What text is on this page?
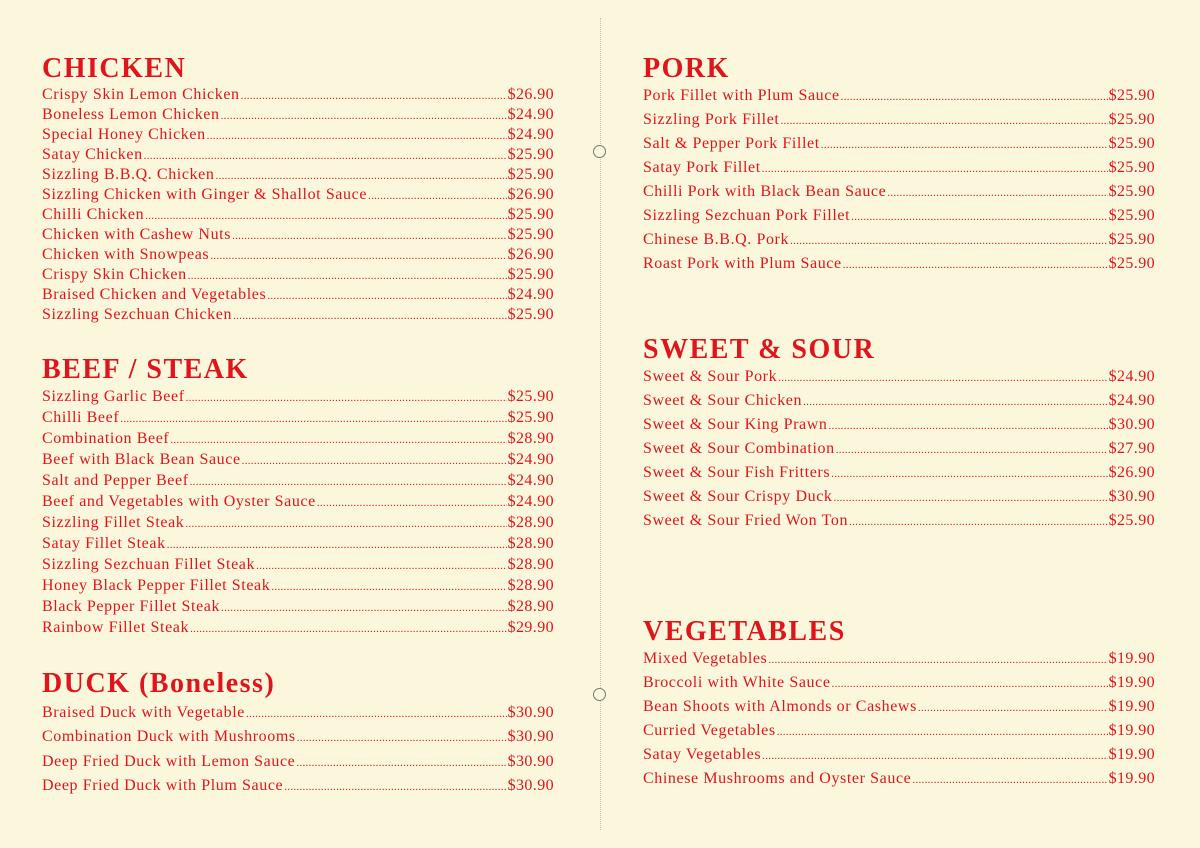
CHICKEN
Crispy Skin Lemon Chicken .....	$26.90
Boneless Lemon Chicken .....	$24.90
Special Honey Chicken .....	$24.90
Satay Chicken .....	$25.90
Sizzling B.B.Q. Chicken .....	$25.90
Sizzling Chicken with Ginger & Shallot Sauce .....	$26.90
Chilli Chicken .....	$25.90
Chicken with Cashew Nuts .....	$25.90
Chicken with Snowpeas .....	$26.90
Crispy Skin Chicken .....	$25.90
Braised Chicken and Vegetables .....	$24.90
Sizzling Sezchuan Chicken .....	$25.90
BEEF / STEAK
Sizzling Garlic Beef .....	$25.90
Chilli Beef .....	$25.90
Combination Beef .....	$28.90
Beef with Black Bean Sauce .....	$24.90
Salt and Pepper Beef .....	$24.90
Beef and Vegetables with Oyster Sauce .....	$24.90
Sizzling Fillet Steak .....	$28.90
Satay Fillet Steak .....	$28.90
Sizzling Sezchuan Fillet Steak .....	$28.90
Honey Black Pepper Fillet Steak .....	$28.90
Black Pepper Fillet Steak .....	$28.90
Rainbow Fillet Steak .....	$29.90
DUCK (Boneless)
Braised Duck with Vegetable .....	$30.90
Combination Duck with Mushrooms .....	$30.90
Deep Fried Duck with Lemon Sauce .....	$30.90
Deep Fried Duck with Plum Sauce .....	$30.90
PORK
Pork Fillet with Plum Sauce .....	$25.90
Sizzling Pork Fillet .....	$25.90
Salt & Pepper Pork Fillet .....	$25.90
Satay Pork Fillet .....	$25.90
Chilli Pork with Black Bean Sauce .....	$25.90
Sizzling Sezchuan Pork Fillet .....	$25.90
Chinese B.B.Q. Pork .....	$25.90
Roast Pork with Plum Sauce .....	$25.90
SWEET & SOUR
Sweet & Sour Pork .....	$24.90
Sweet & Sour Chicken .....	$24.90
Sweet & Sour King Prawn .....	$30.90
Sweet & Sour Combination .....	$27.90
Sweet & Sour Fish Fritters .....	$26.90
Sweet & Sour Crispy Duck .....	$30.90
Sweet & Sour Fried Won Ton .....	$25.90
VEGETABLES
Mixed Vegetables .....	$19.90
Broccoli with White Sauce .....	$19.90
Bean Shoots with Almonds or Cashews .....	$19.90
Curried Vegetables .....	$19.90
Satay Vegetables .....	$19.90
Chinese Mushrooms and Oyster Sauce .....	$19.90
